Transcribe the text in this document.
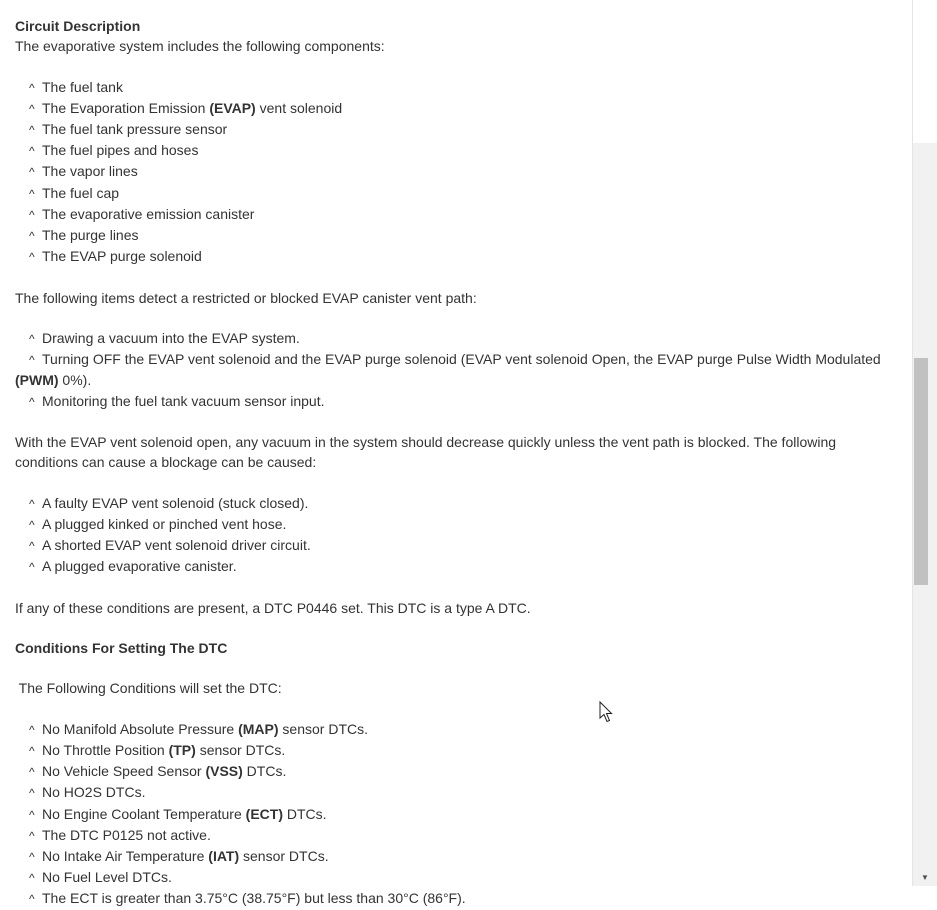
Circuit Description
The evaporative system includes the following components:
^ The fuel tank
^ The Evaporation Emission (EVAP) vent solenoid
^ The fuel tank pressure sensor
^ The fuel pipes and hoses
^ The vapor lines
^ The fuel cap
^ The evaporative emission canister
^ The purge lines
^ The EVAP purge solenoid
The following items detect a restricted or blocked EVAP canister vent path:
^ Drawing a vacuum into the EVAP system.
^ Turning OFF the EVAP vent solenoid and the EVAP purge solenoid (EVAP vent solenoid Open, the EVAP purge Pulse Width Modulated (PWM) 0%).
^ Monitoring the fuel tank vacuum sensor input.
With the EVAP vent solenoid open, any vacuum in the system should decrease quickly unless the vent path is blocked. The following conditions can cause a blockage can be caused:
^ A faulty EVAP vent solenoid (stuck closed).
^ A plugged kinked or pinched vent hose.
^ A shorted EVAP vent solenoid driver circuit.
^ A plugged evaporative canister.
If any of these conditions are present, a DTC P0446 set. This DTC is a type A DTC.
Conditions For Setting The DTC
The Following Conditions will set the DTC:
^ No Manifold Absolute Pressure (MAP) sensor DTCs.
^ No Throttle Position (TP) sensor DTCs.
^ No Vehicle Speed Sensor (VSS) DTCs.
^ No HO2S DTCs.
^ No Engine Coolant Temperature (ECT) DTCs.
^ The DTC P0125 not active.
^ No Intake Air Temperature (IAT) sensor DTCs.
^ No Fuel Level DTCs.
^ The ECT is greater than 3.75°C (38.75°F) but less than 30°C (86°F).
▲
▼
